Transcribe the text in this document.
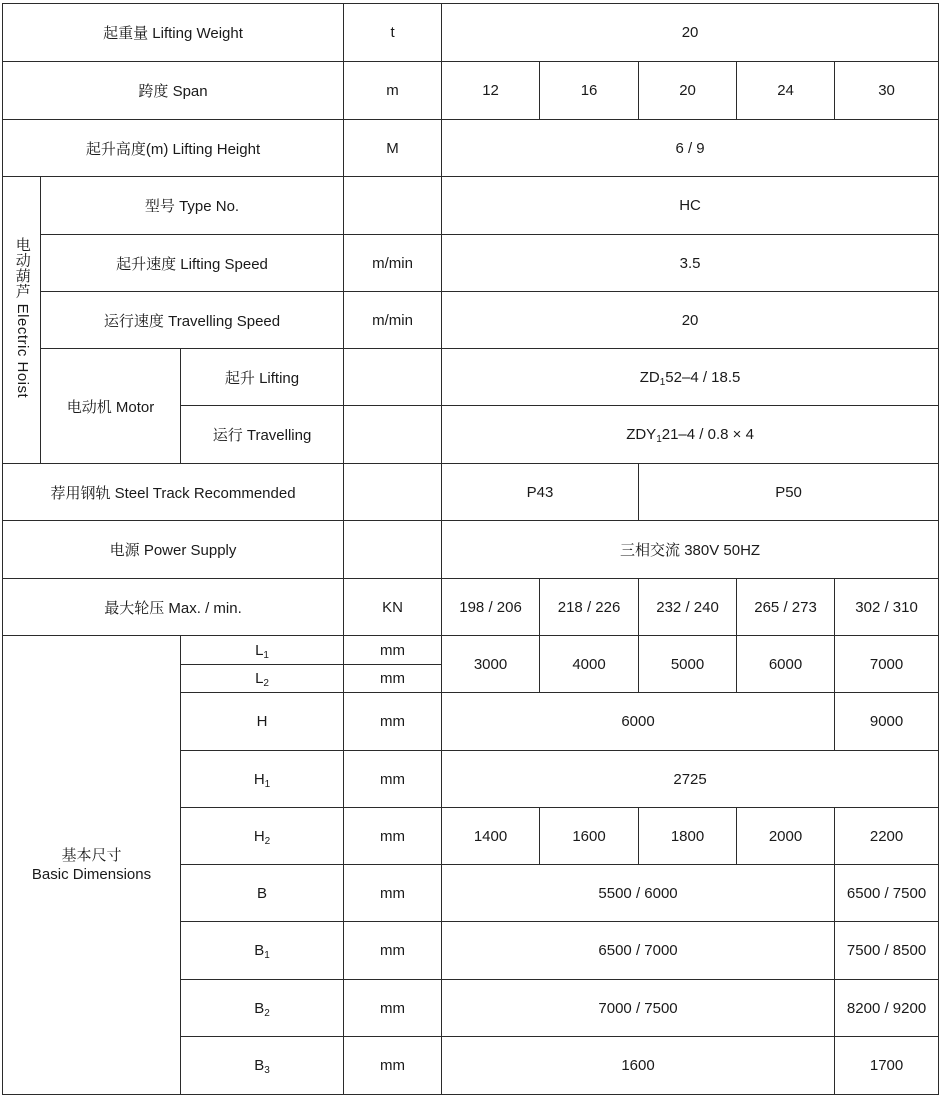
起重量 Lifting Weight			t	20				
跨度 Span			m	12	16	20	24	30
起升高度(m) Lifting Height			M	6 / 9				
电动葫芦 Electric Hoist	型号 Type No.			HC				
	起升速度 Lifting Speed		m/min	3.5				
	运行速度 Travelling Speed		m/min	20				
	电动机 Motor	起升 Lifting		$ZD_152-4 / 18.5$				
		运行 Travelling		$ZDY_121-4 / 0.8 \times 4$				
荐用钢轨 Steel Track Recommended				P43		P50		
电源 Power Supply				三相交流 380V 50HZ				
最大轮压 Max. / min.			KN	198 / 206	218 / 226	232 / 240	265 / 273	302 / 310

基本尺寸
Basic Dimensions		$L_1$	mm	3000	4000	5000	6000	7000
		$L_2$	mm					
		H	mm	6000				9000
		$H_1$	mm	2725				
		$H_2$	mm	1400	1600	1800	2000	2200
		B	mm	5500 / 6000				6500 / 7500
		$B_1$	mm	6500 / 7000				7500 / 8500
		$B_2$	mm	7000 / 7500				8200 / 9200
		$B_3$	mm	1600				1700
